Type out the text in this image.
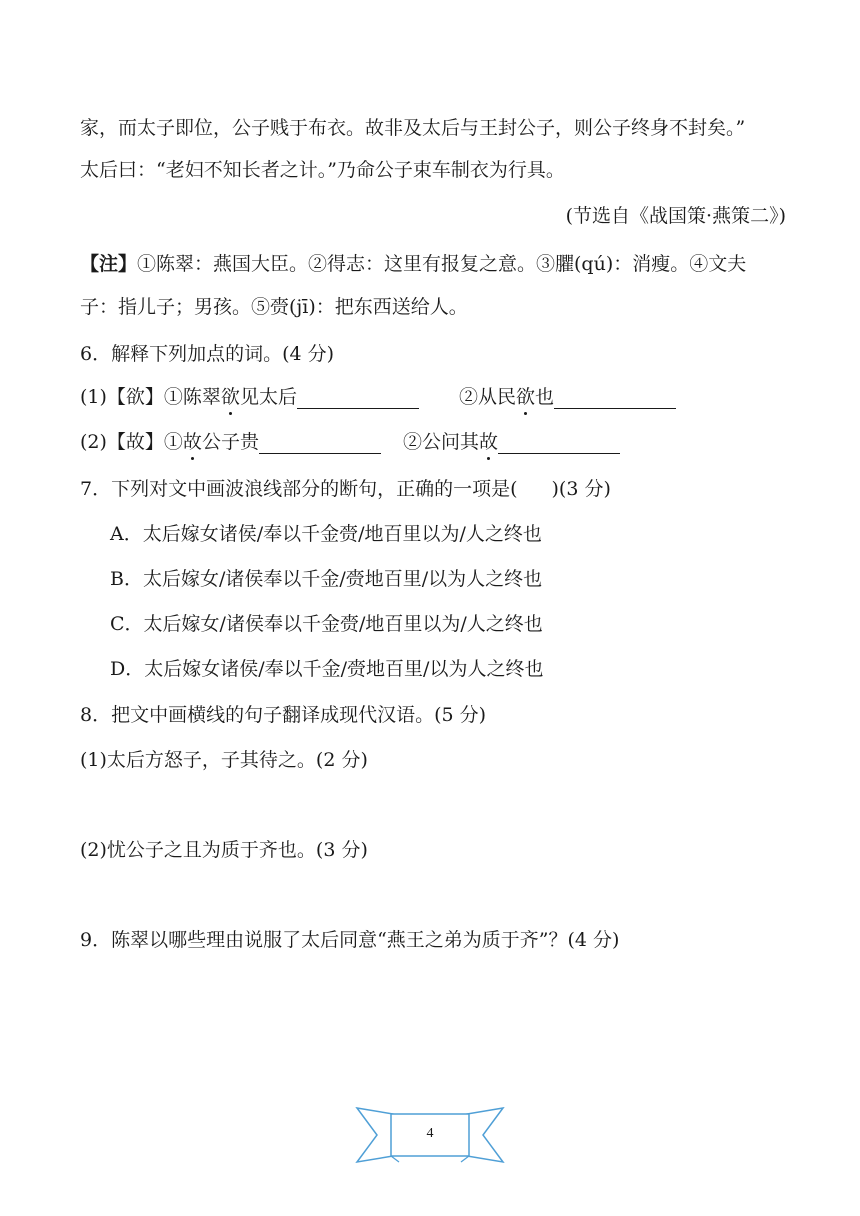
家，而太子即位，公子贱于布衣。故非及太后与王封公子，则公子终身不封矣。”
太后曰：“老妇不知长者之计。”乃命公子束车制衣为行具。
(节选自《战国策·燕策二》)
【注】①陈翠：燕国大臣。②得志：这里有报复之意。③臞(qú)：消瘦。④文夫
子：指儿子；男孩。⑤赍(jī)：把东西送给人。
6．解释下列加点的词。(4 分)
(1)【欲】①陈翠欲见太后	②从民欲也
(2)【故】①故公子贵	②公问其故
7．下列对文中画波浪线部分的断句，正确的一项是( )(3 分)
A．太后嫁女诸侯/奉以千金赍/地百里以为/人之终也
B．太后嫁女/诸侯奉以千金/赍地百里/以为人之终也
C．太后嫁女/诸侯奉以千金赍/地百里以为/人之终也
D．太后嫁女诸侯/奉以千金/赍地百里/以为人之终也
8．把文中画横线的句子翻译成现代汉语。(5 分)
(1)太后方怒子，子其待之。(2 分)
(2)忧公子之且为质于齐也。(3 分)
9．陈翠以哪些理由说服了太后同意“燕王之弟为质于齐”？(4 分)
4
